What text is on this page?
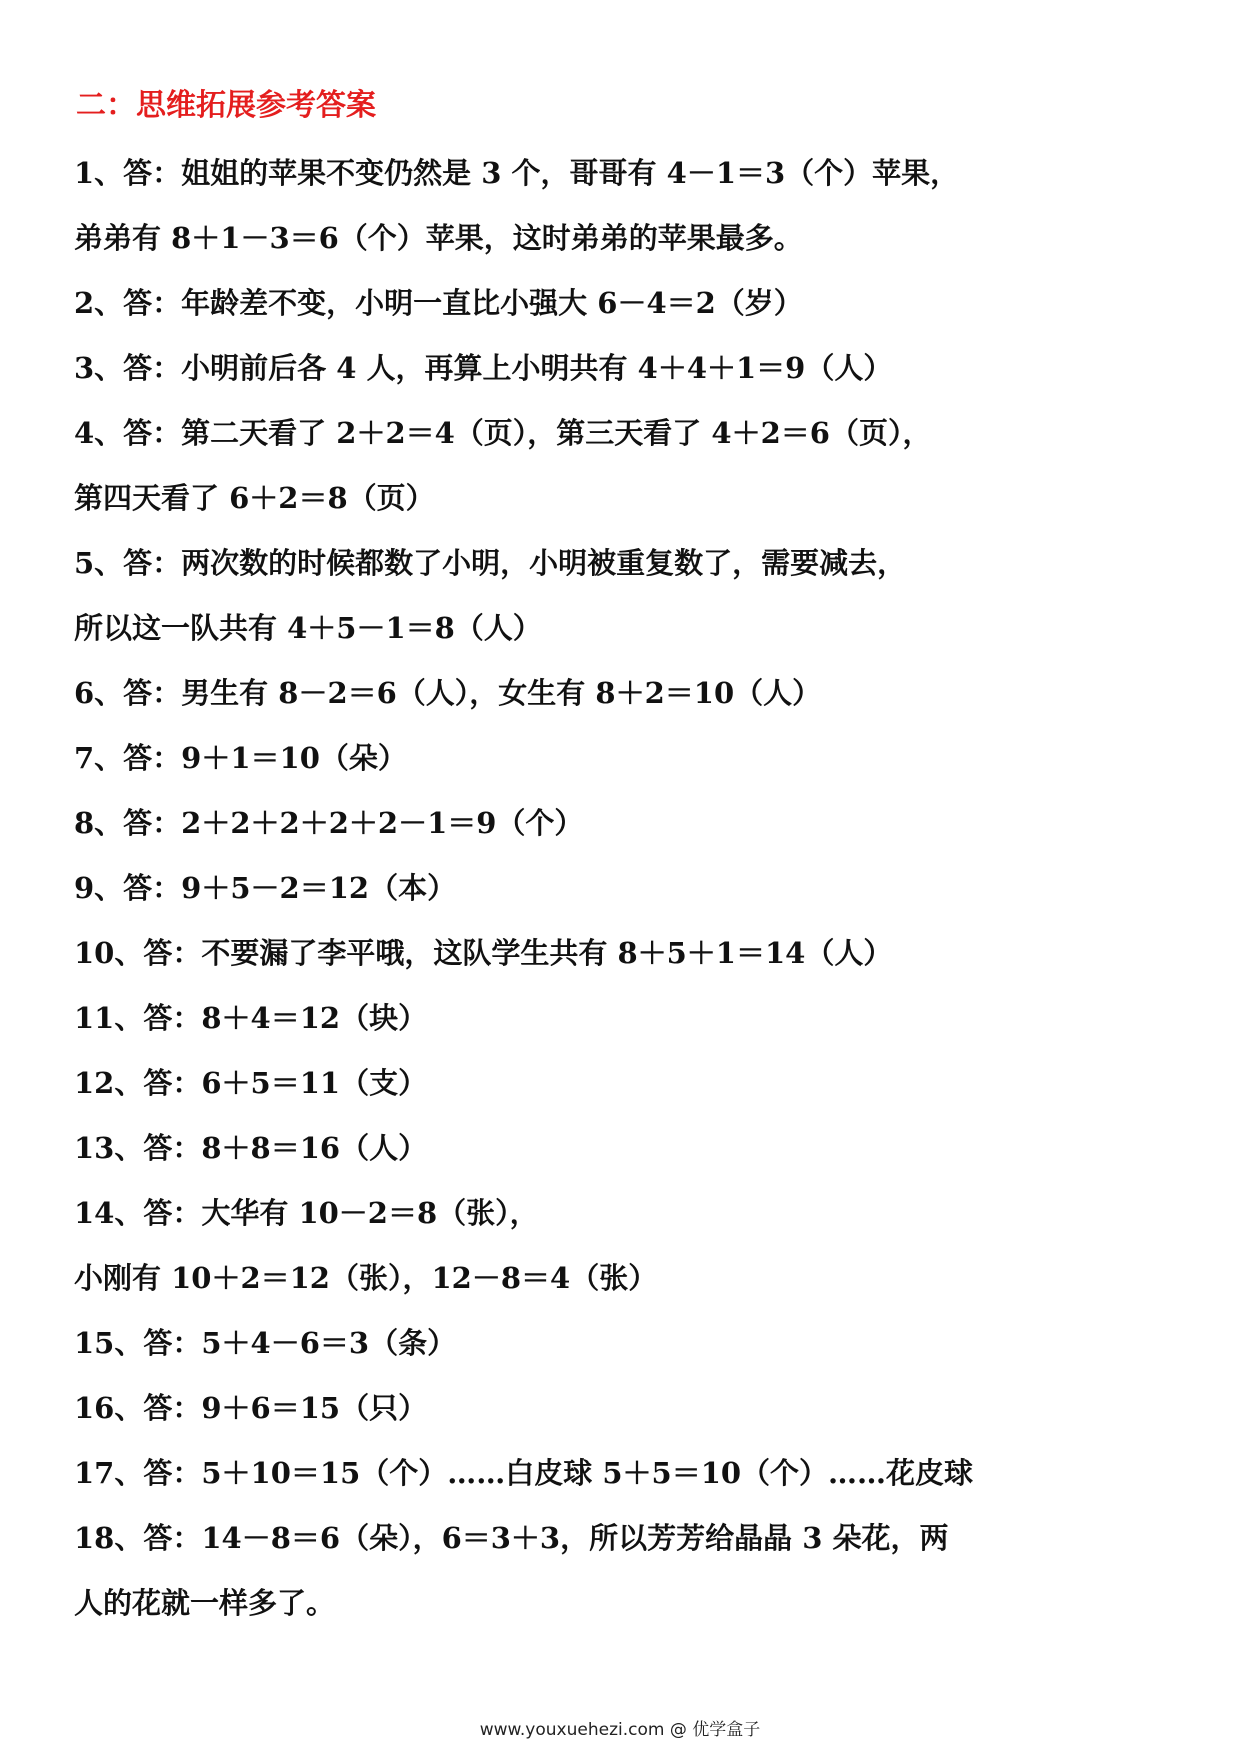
二：思维拓展参考答案
1、答：姐姐的苹果不变仍然是 3 个，哥哥有 4－1＝3（个）苹果，
弟弟有 8＋1－3＝6（个）苹果，这时弟弟的苹果最多。
2、答：年龄差不变，小明一直比小强大 6－4＝2（岁）
3、答：小明前后各 4 人，再算上小明共有 4＋4＋1＝9（人）
4、答：第二天看了 2＋2＝4（页），第三天看了 4＋2＝6（页），
第四天看了 6＋2＝8（页）
5、答：两次数的时候都数了小明，小明被重复数了，需要减去，
所以这一队共有 4＋5－1＝8（人）
6、答：男生有 8－2＝6（人），女生有 8＋2＝10（人）
7、答：9＋1＝10（朵）
8、答：2＋2＋2＋2＋2－1＝9（个）
9、答：9＋5－2＝12（本）
10、答：不要漏了李平哦，这队学生共有 8＋5＋1＝14（人）
11、答：8＋4＝12（块）
12、答：6＋5＝11（支）
13、答：8＋8＝16（人）
14、答：大华有 10－2＝8（张），
小刚有 10＋2＝12（张），12－8＝4（张）
15、答：5＋4－6＝3（条）
16、答：9＋6＝15（只）
17、答：5＋10＝15（个）……白皮球 5＋5＝10（个）……花皮球
18、答：14－8＝6（朵），6＝3＋3，所以芳芳给晶晶 3 朵花，两
人的花就一样多了。
www.youxuehezi.com @ 优学盒子
